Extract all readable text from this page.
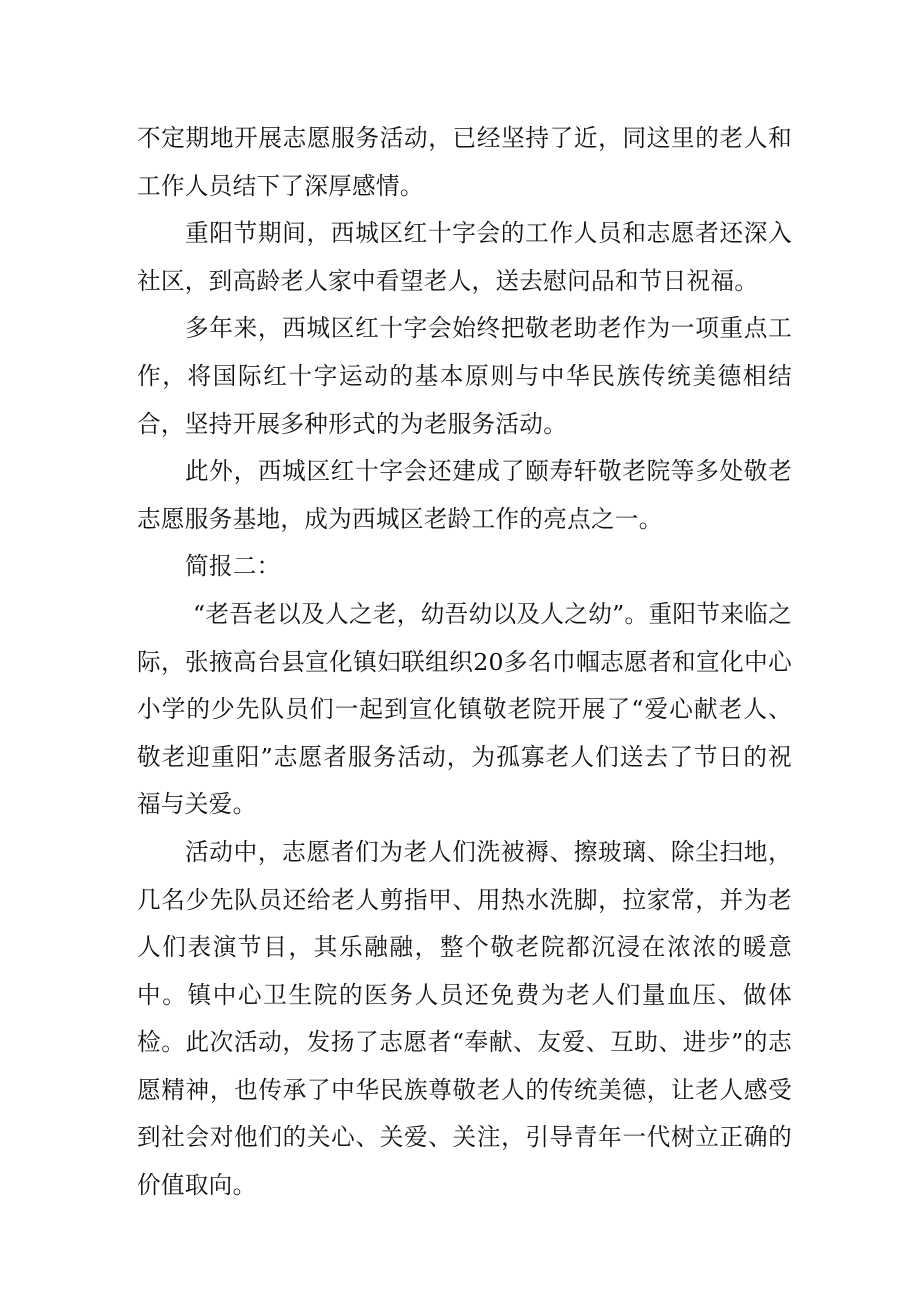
不定期地开展志愿服务活动，已经坚持了近，同这里的老人和工作人员结下了深厚感情。

重阳节期间，西城区红十字会的工作人员和志愿者还深入社区，到高龄老人家中看望老人，送去慰问品和节日祝福。

多年来，西城区红十字会始终把敬老助老作为一项重点工作，将国际红十字运动的基本原则与中华民族传统美德相结合，坚持开展多种形式的为老服务活动。

此外，西城区红十字会还建成了颐寿轩敬老院等多处敬老志愿服务基地，成为西城区老龄工作的亮点之一。

简报二：

“老吾老以及人之老，幼吾幼以及人之幼”。重阳节来临之际，张掖高台县宣化镇妇联组织20多名巾帼志愿者和宣化中心小学的少先队员们一起到宣化镇敬老院开展了“爱心献老人、敬老迎重阳”志愿者服务活动，为孤寡老人们送去了节日的祝福与关爱。

活动中，志愿者们为老人们洗被褥、擦玻璃、除尘扫地，几名少先队员还给老人剪指甲、用热水洗脚，拉家常，并为老人们表演节目，其乐融融，整个敬老院都沉浸在浓浓的暖意中。镇中心卫生院的医务人员还免费为老人们量血压、做体检。此次活动，发扬了志愿者“奉献、友爱、互助、进步”的志愿精神，也传承了中华民族尊敬老人的传统美德，让老人感受到社会对他们的关心、关爱、关注，引导青年一代树立正确的价值取向。
